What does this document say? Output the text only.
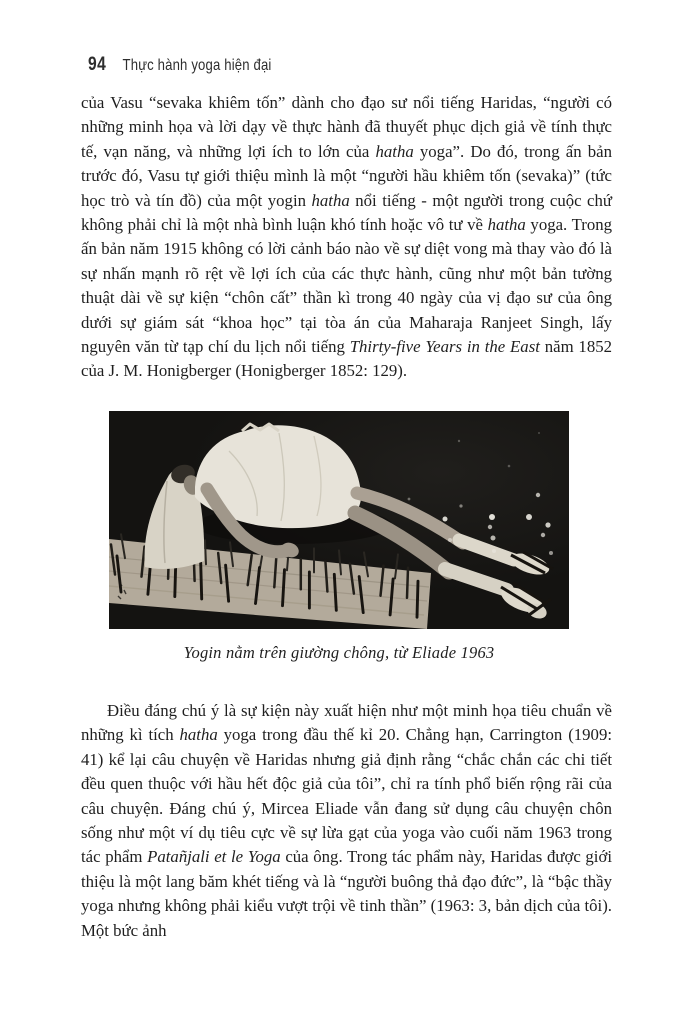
94 Thực hành yoga hiện đại

của Vasu “sevaka khiêm tốn” dành cho đạo sư nổi tiếng Haridas, “người có những minh họa và lời dạy về thực hành đã thuyết phục dịch giả về tính thực tế, vạn năng, và những lợi ích to lớn của hatha yoga”. Do đó, trong ấn bản trước đó, Vasu tự giới thiệu mình là một “người hầu khiêm tốn (sevaka)” (tức học trò và tín đồ) của một yogin hatha nổi tiếng - một người trong cuộc chứ không phải chỉ là một nhà bình luận khó tính hoặc vô tư về hatha yoga. Trong ấn bản năm 1915 không có lời cảnh báo nào về sự diệt vong mà thay vào đó là sự nhấn mạnh rõ rệt về lợi ích của các thực hành, cũng như một bản tường thuật dài về sự kiện “chôn cất” thần kì trong 40 ngày của vị đạo sư của ông dưới sự giám sát “khoa học” tại tòa án của Maharaja Ranjeet Singh, lấy nguyên văn từ tạp chí du lịch nổi tiếng Thirty-five Years in the East năm 1852 của J. M. Honigberger (Honigberger 1852: 129).

Yogin nằm trên giường chông, từ Eliade 1963

Điều đáng chú ý là sự kiện này xuất hiện như một minh họa tiêu chuẩn về những kì tích hatha yoga trong đầu thế kỉ 20. Chẳng hạn, Carrington (1909: 41) kể lại câu chuyện về Haridas nhưng giả định rằng “chắc chắn các chi tiết đều quen thuộc với hầu hết độc giả của tôi”, chỉ ra tính phổ biến rộng rãi của câu chuyện. Đáng chú ý, Mircea Eliade vẫn đang sử dụng câu chuyện chôn sống như một ví dụ tiêu cực về sự lừa gạt của yoga vào cuối năm 1963 trong tác phẩm Patañjali et le Yoga của ông. Trong tác phẩm này, Haridas được giới thiệu là một lang băm khét tiếng và là “người buông thả đạo đức”, là “bậc thầy yoga nhưng không phải kiểu vượt trội về tinh thần” (1963: 3, bản dịch của tôi). Một bức ảnh
